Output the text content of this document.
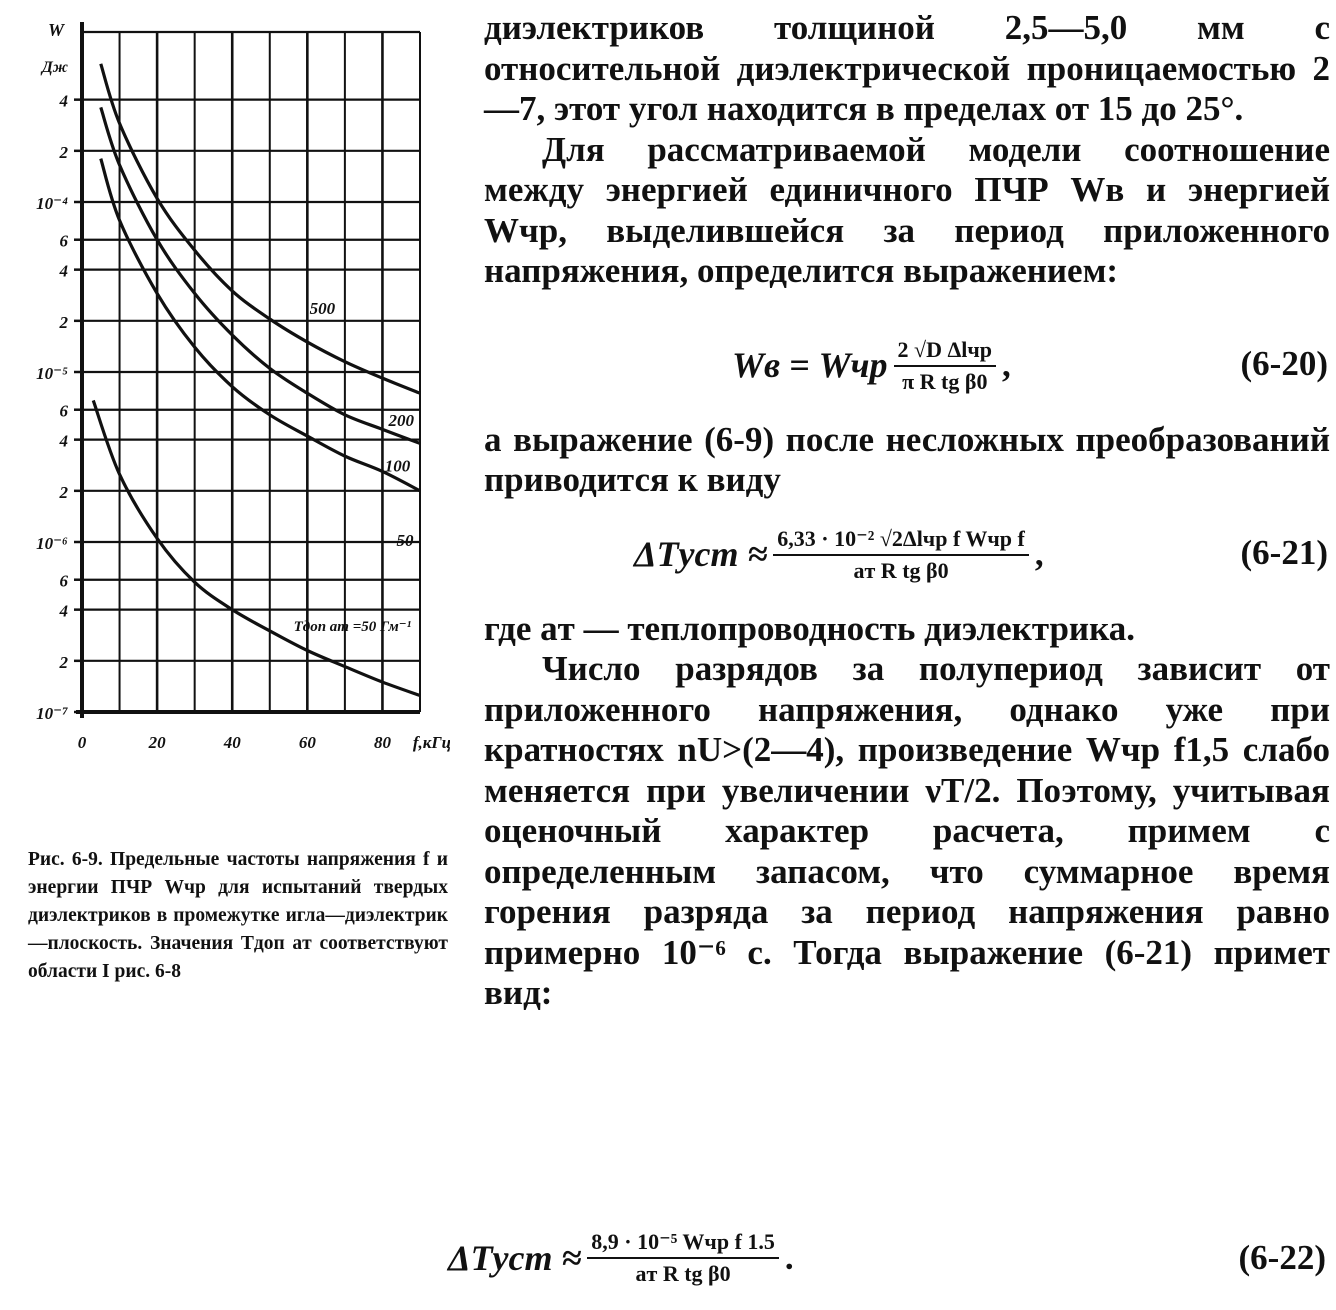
4
2
10⁻⁴
6
4
2
10⁻⁵
6
4
2
10⁻⁶
6
4
2
10⁻⁷
0	20	40	60	80 f,кГц
W
Дж
500
200
100
50
Tдоп aт =50 Гм⁻¹
Рис. 6-9. Предельные частоты напряжения f и энергии ПЧР Wчр для испытаний твердых диэлектриков в промежутке игла—диэлектрик—плоскость. Значения Tдоп aт соответствуют области I рис. 6-8

диэлектриков толщиной 2,5—5,0 мм с относительной диэлектрической проницаемостью 2—7, этот угол находится в пределах от 15 до 25°.

Для рассматриваемой модели соотношение между энергией единичного ПЧР Wв и энергией Wчр, выделившейся за период приложенного напряжения, определится выражением:

Wв = Wчр $\frac{\text{2 √D Δlчр}}{\text{π R tg β0}}$ ,	(6-20)

а выражение (6-9) после несложных преобразований приводится к виду

ΔTуст ≈ $\frac{\text{6,33 · 10⁻² √2Δlчр f Wчр f}}{\text{aт R tg β0}}$ ,	(6-21)

где aт — теплопроводность диэлектрика.

Число разрядов за полупериод зависит от приложенного напряжения, однако уже при кратностях nU>(2—4), произведение Wчр f1,5 слабо меняется при увеличении νT/2. Поэтому, учитывая оценочный характер расчета, примем с определенным запасом, что суммарное время горения разряда за период напряжения равно примерно 10⁻⁶ с. Тогда выражение (6-21) примет вид:

ΔTуст ≈ $\frac{\text{8,9 · 10⁻⁵ Wчр f 1.5}}{\text{aт R tg β0}}$ .	(6-22)
